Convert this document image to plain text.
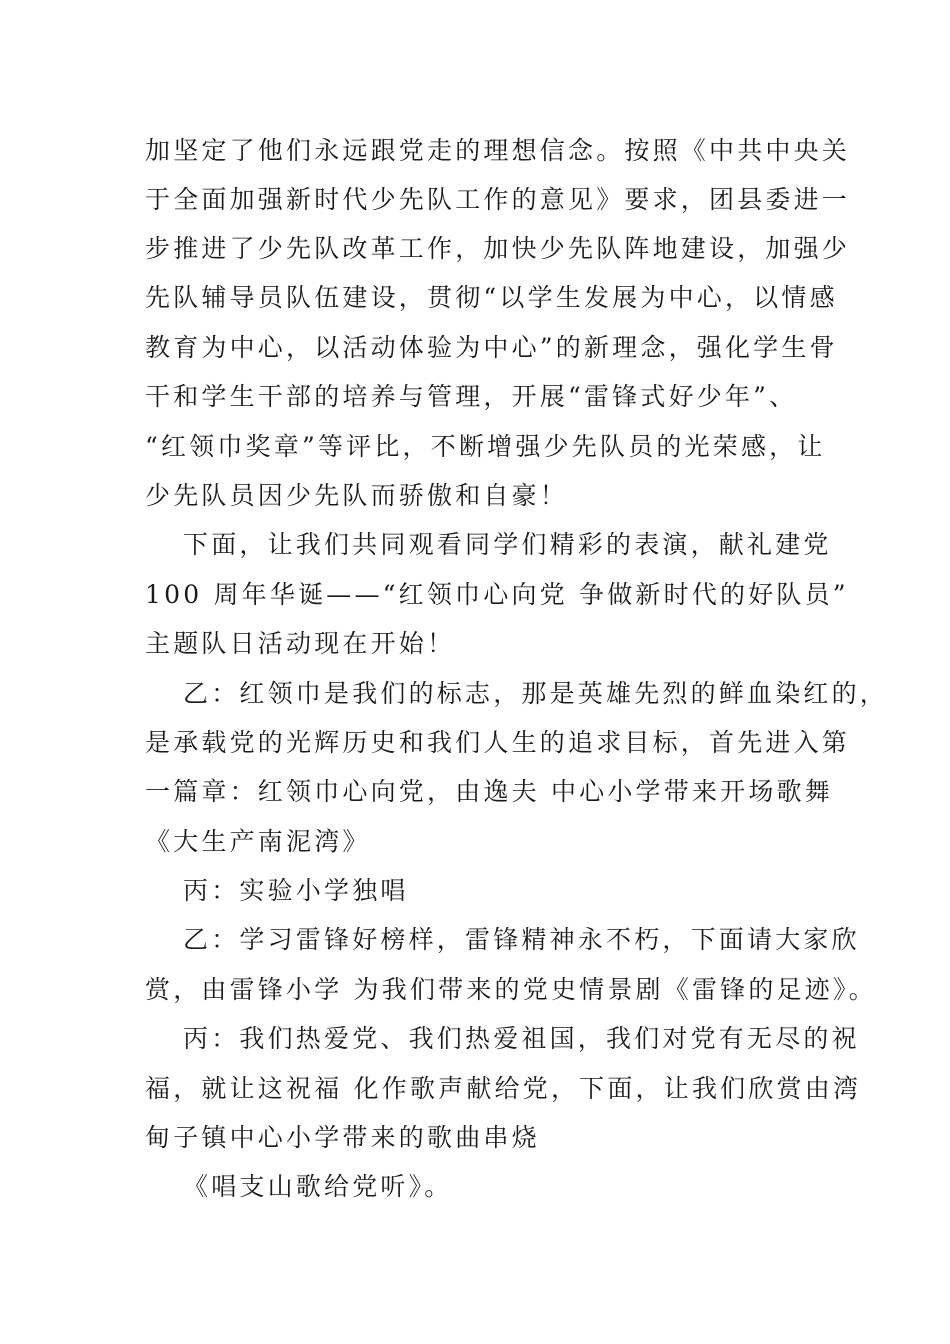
加坚定了他们永远跟党走的理想信念。按照《中共中央关
于全面加强新时代少先队工作的意见》要求，团县委进一
步推进了少先队改革工作，加快少先队阵地建设，加强少
先队辅导员队伍建设，贯彻“以学生发展为中心，以情感
教育为中心，以活动体验为中心”的新理念，强化学生骨
干和学生干部的培养与管理，开展“雷锋式好少年”、
“红领巾奖章”等评比，不断增强少先队员的光荣感，让
少先队员因少先队而骄傲和自豪！
下面，让我们共同观看同学们精彩的表演，献礼建党
100 周年华诞——“红领巾心向党 争做新时代的好队员”
主题队日活动现在开始！
乙：红领巾是我们的标志，那是英雄先烈的鲜血染红的，
是承载党的光辉历史和我们人生的追求目标，首先进入第
一篇章：红领巾心向党，由逸夫 中心小学带来开场歌舞
《大生产南泥湾》
丙：实验小学独唱
乙：学习雷锋好榜样，雷锋精神永不朽，下面请大家欣
赏，由雷锋小学 为我们带来的党史情景剧《雷锋的足迹》。
丙：我们热爱党、我们热爱祖国，我们对党有无尽的祝
福，就让这祝福 化作歌声献给党，下面，让我们欣赏由湾
甸子镇中心小学带来的歌曲串烧
《唱支山歌给党听》。
